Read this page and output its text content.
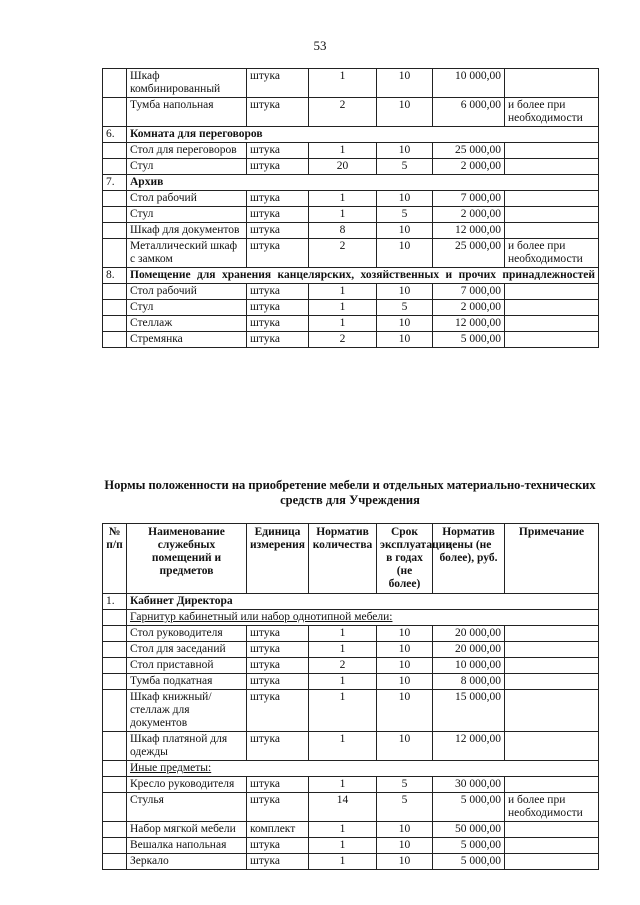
53
	Шкаф комбинированный	штука	1	10	10 000,00	
	Тумба напольная	штука	2	10	6 000,00	и более при необходимости
6.	Комната для переговоров					
	Стол для переговоров	штука	1	10	25 000,00	
	Стул	штука	20	5	2 000,00	
7.	Архив					
	Стол рабочий	штука	1	10	7 000,00	
	Стул	штука	1	5	2 000,00	
	Шкаф для документов	штука	8	10	12 000,00	
	Металлический шкаф с замком	штука	2	10	25 000,00	и более при необходимости
8.	Помещение для хранения канцелярских, хозяйственных и прочих принадлежностей					
	Стол рабочий	штука	1	10	7 000,00	
	Стул	штука	1	5	2 000,00	
	Стеллаж	штука	1	10	12 000,00	
	Стремянка	штука	2	10	5 000,00	
Нормы положенности на приобретение мебели и отдельных материально-технических средств для Учреждения
№ п/п	Наименование служебных помещений и предметов	Единица измерения	Норматив количества	Срок эксплуатации в годах (не более)	Норматив цены (не более), руб.	Примечание
1.	Кабинет Директора					
	Гарнитур кабинетный или набор однотипной мебели:					
	Стол руководителя	штука	1	10	20 000,00	
	Стол для заседаний	штука	1	10	20 000,00	
	Стол приставной	штука	2	10	10 000,00	
	Тумба подкатная	штука	1	10	8 000,00	
	Шкаф книжный/стеллаж для документов	штука	1	10	15 000,00	
	Шкаф платяной для одежды	штука	1	10	12 000,00	
	Иные предметы:					
	Кресло руководителя	штука	1	5	30 000,00	
	Стулья	штука	14	5	5 000,00	и более при необходимости
	Набор мягкой мебели	комплект	1	10	50 000,00	
	Вешалка напольная	штука	1	10	5 000,00	
	Зеркало	штука	1	10	5 000,00	
